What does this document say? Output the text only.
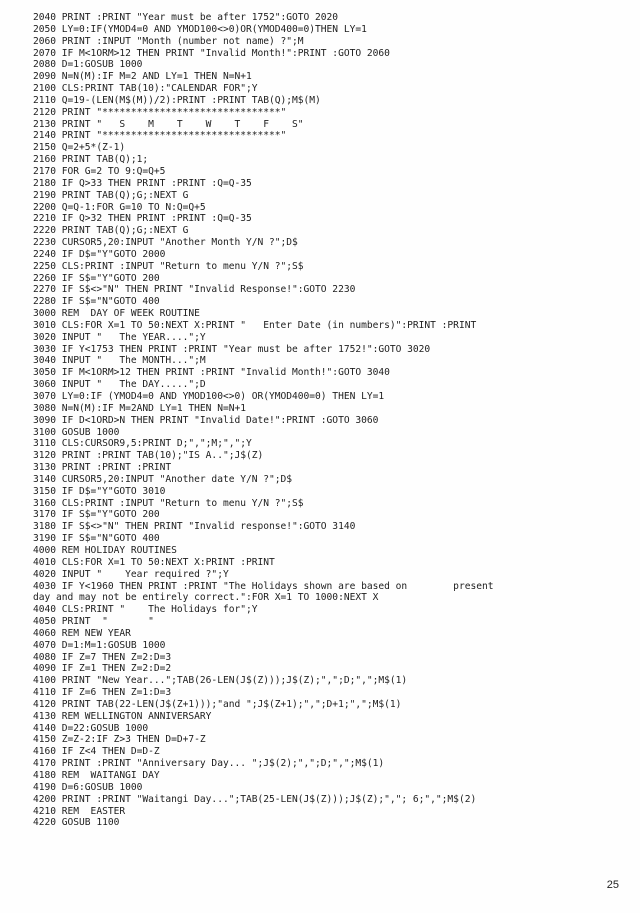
2040 PRINT :PRINT "Year must be after 1752":GOTO 2020
2050 LY=0:IF(YMOD4=0 AND YMOD100<>0)OR(YMOD400=0)THEN LY=1
2060 PRINT :INPUT "Month (number not name) ?";M
2070 IF M<1ORM>12 THEN PRINT "Invalid Month!":PRINT :GOTO 2060
2080 D=1:GOSUB 1000
2090 N=N(M):IF M=2 AND LY=1 THEN N=N+1
2100 CLS:PRINT TAB(10):"CALENDAR FOR";Y
2110 Q=19-(LEN(M$(M))/2):PRINT :PRINT TAB(Q);M$(M)
2120 PRINT "*******************************"
2130 PRINT "   S    M    T    W    T    F    S"
2140 PRINT "*******************************"
2150 Q=2+5*(Z-1)
2160 PRINT TAB(Q);1;
2170 FOR G=2 TO 9:Q=Q+5
2180 IF Q>33 THEN PRINT :PRINT :Q=Q-35
2190 PRINT TAB(Q);G;:NEXT G
2200 Q=Q-1:FOR G=10 TO N:Q=Q+5
2210 IF Q>32 THEN PRINT :PRINT :Q=Q-35
2220 PRINT TAB(Q);G;:NEXT G
2230 CURSOR5,20:INPUT "Another Month Y/N ?";D$
2240 IF D$="Y"GOTO 2000
2250 CLS:PRINT :INPUT "Return to menu Y/N ?";S$
2260 IF S$="Y"GOTO 200
2270 IF S$<>"N" THEN PRINT "Invalid Response!":GOTO 2230
2280 IF S$="N"GOTO 400
3000 REM  DAY OF WEEK ROUTINE
3010 CLS:FOR X=1 TO 50:NEXT X:PRINT "   Enter Date (in numbers)":PRINT :PRINT
3020 INPUT "   The YEAR....";Y
3030 IF Y<1753 THEN PRINT :PRINT "Year must be after 1752!":GOTO 3020
3040 INPUT "   The MONTH...";M
3050 IF M<1ORM>12 THEN PRINT :PRINT "Invalid Month!":GOTO 3040
3060 INPUT "   The DAY.....";D
3070 LY=0:IF (YMOD4=0 AND YMOD100<>0) OR(YMOD400=0) THEN LY=1
3080 N=N(M):IF M=2AND LY=1 THEN N=N+1
3090 IF D<1ORD>N THEN PRINT "Invalid Date!":PRINT :GOTO 3060
3100 GOSUB 1000
3110 CLS:CURSOR9,5:PRINT D;",";M;",";Y
3120 PRINT :PRINT TAB(10);"IS A..";J$(Z)
3130 PRINT :PRINT :PRINT
3140 CURSOR5,20:INPUT "Another date Y/N ?";D$
3150 IF D$="Y"GOTO 3010
3160 CLS:PRINT :INPUT "Return to menu Y/N ?";S$
3170 IF S$="Y"GOTO 200
3180 IF S$<>"N" THEN PRINT "Invalid response!":GOTO 3140
3190 IF S$="N"GOTO 400
4000 REM HOLIDAY ROUTINES
4010 CLS:FOR X=1 TO 50:NEXT X:PRINT :PRINT
4020 INPUT "    Year required ?";Y
4030 IF Y<1960 THEN PRINT :PRINT "The Holidays shown are based on        present
day and may not be entirely correct.":FOR X=1 TO 1000:NEXT X
4040 CLS:PRINT "    The Holidays for";Y
4050 PRINT  "       "
4060 REM NEW YEAR
4070 D=1:M=1:GOSUB 1000
4080 IF Z=7 THEN Z=2:D=3
4090 IF Z=1 THEN Z=2:D=2
4100 PRINT "New Year...";TAB(26-LEN(J$(Z)));J$(Z);",";D;",";M$(1)
4110 IF Z=6 THEN Z=1:D=3
4120 PRINT TAB(22-LEN(J$(Z+1)));"and ";J$(Z+1);",";D+1;",";M$(1)
4130 REM WELLINGTON ANNIVERSARY
4140 D=22:GOSUB 1000
4150 Z=Z-2:IF Z>3 THEN D=D+7-Z
4160 IF Z<4 THEN D=D-Z
4170 PRINT :PRINT "Anniversary Day... ";J$(2);",";D;",";M$(1)
4180 REM  WAITANGI DAY
4190 D=6:GOSUB 1000
4200 PRINT :PRINT "Waitangi Day...";TAB(25-LEN(J$(Z)));J$(Z);","; 6;",";M$(2)
4210 REM  EASTER
4220 GOSUB 1100
25
